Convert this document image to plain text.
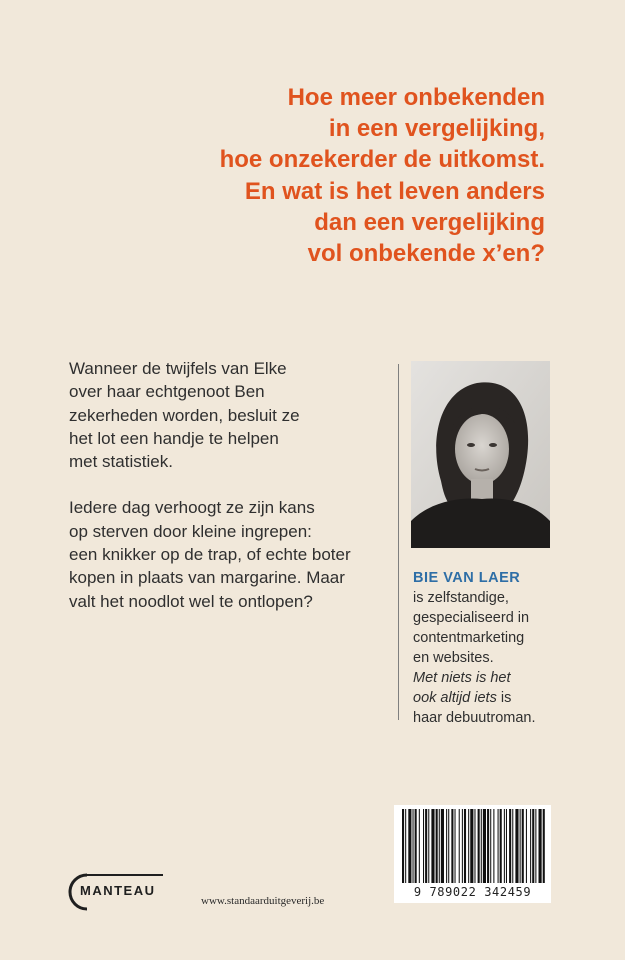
Hoe meer onbekenden
in een vergelijking,
hoe onzekerder de uitkomst.
En wat is het leven anders
dan een vergelijking
vol onbekende x’en?

Wanneer de twijfels van Elke
over haar echtgenoot Ben
zekerheden worden, besluit ze
het lot een handje te helpen
met statistiek.

Iedere dag verhoogt ze zijn kans
op sterven door kleine ingrepen:
een knikker op de trap, of echte boter
kopen in plaats van margarine. Maar
valt het noodlot wel te ontlopen?

BIE VAN LAER
is zelfstandige,
gespecialiseerd in
contentmarketing
en websites.
Met niets is het
ook altijd iets is
haar debuutroman.
9 789022 342459
MANTEAU
www.standaarduitgeverij.be
